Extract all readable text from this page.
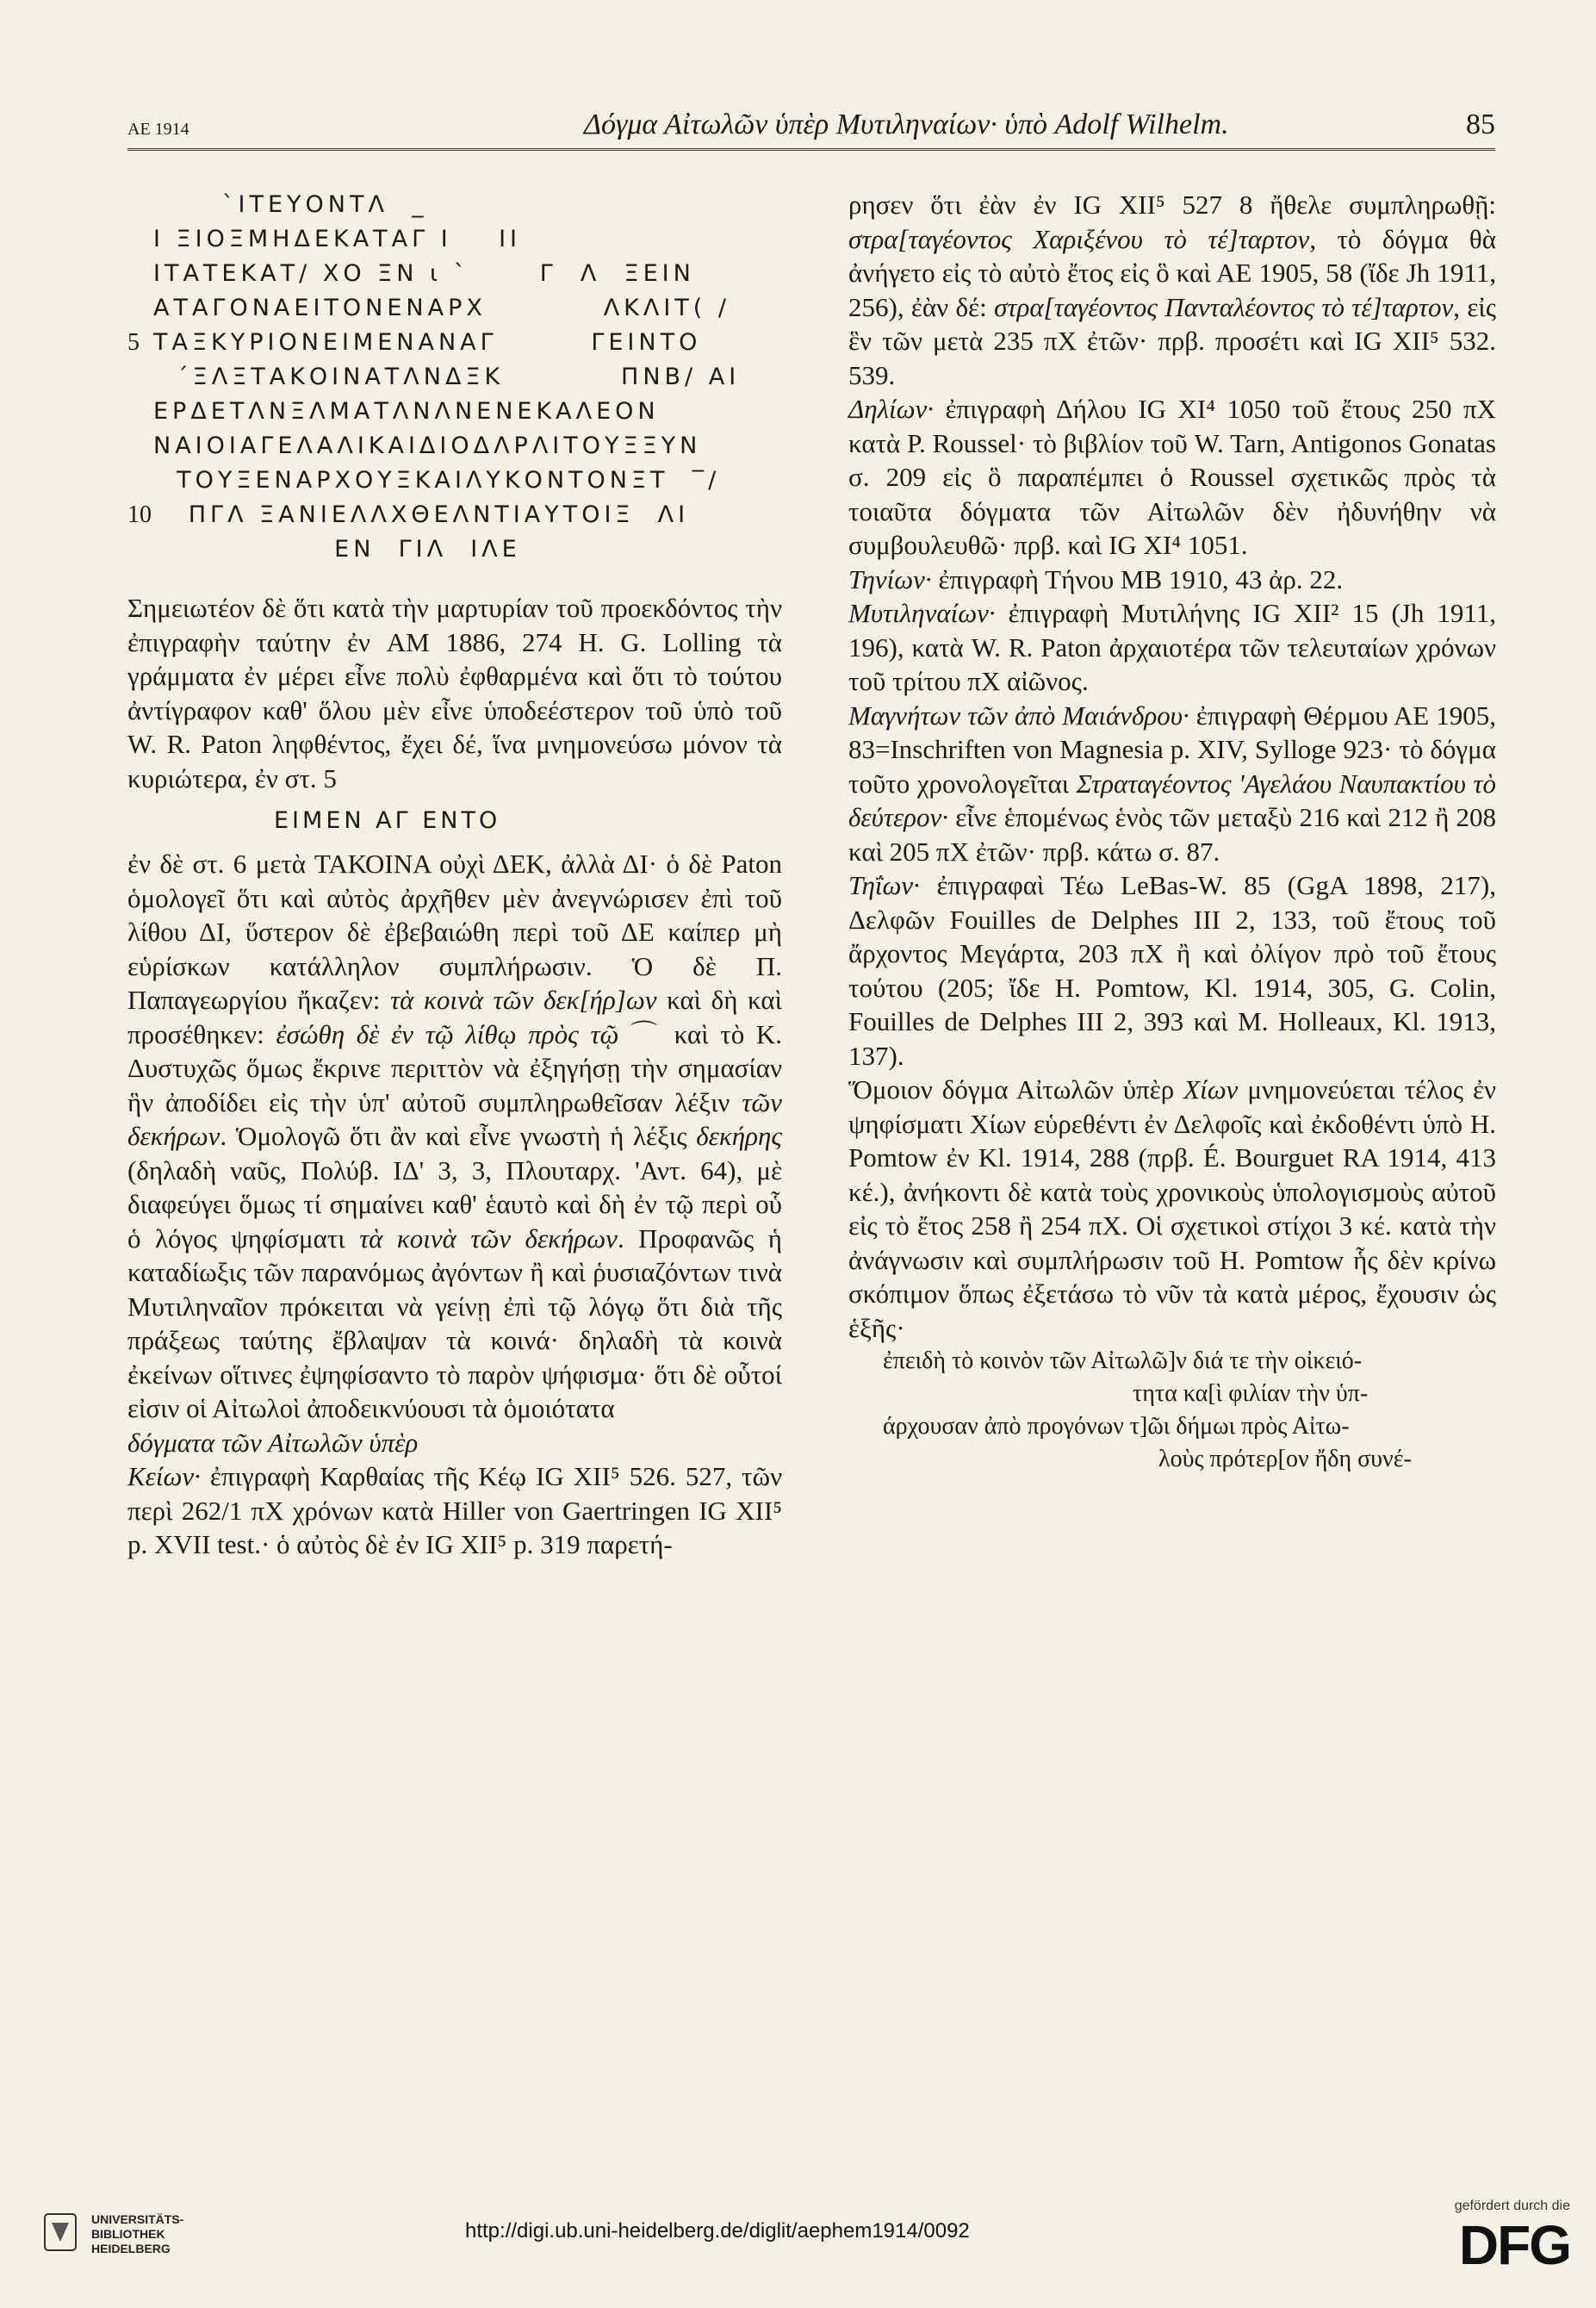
ΑΕ 1914	Δόγμα Αἰτωλῶν ὑπὲρ Μυτιληναίων· ὑπὸ Adolf Wilhelm.	85
ˋΙΤΕΥΟΝΤΛ  _
Ι ΞΙΟΞΜΗΔΕΚΑΤΑΓ Ι    ΙΙ
ΙΤΑΤΕΚΑΤ/ ΧΟ ΞΝ ι ˋ      Γ  Λ  ΞΕΙΝ
ΑΤΑΓΟΝΑΕΙΤΟΝΕΝΑΡΧ          ΛΚΛΙΤ( /
5 ΤΑΞΚΥΡΙΟΝΕΙΜΕΝΑΝΑΓ        ΓΕΙΝΤΟ
΄ΞΛΞΤΑΚΟΙΝΑΤΛΝΔΞΚ          ΠΝΒ/ ΑΙ
ΕΡΔΕΤΛΝΞΛΜΑΤΛΝΛΝΕΝΕΚΑΛΕΟΝ
ΝΑΙΟΙΑΓΕΛΑΛΙΚΑΙΔΙΟΔΛΡΛΙΤΟΥΞΞΥΝ
ΤΟΥΞΕΝΑΡΧΟΥΞΚΑΙΛΥΚΟΝΤΟΝΞΤ  ‾/
10 ΠΓΛ ΞΑΝΙΕΛΛΧΘΕΛΝΤΙΑΥΤΟΙΞ  ΛΙ
ΕΝ  ΓΙΛ  ΙΛΕ

Σημειωτέον δὲ ὅτι κατὰ τὴν μαρτυρίαν τοῦ προεκδόντος τὴν ἐπιγραφὴν ταύτην ἐν AM 1886, 274 H. G. Lolling τὰ γράμματα ἐν μέρει εἶνε πολὺ ἐφθαρμένα καὶ ὅτι τὸ τούτου ἀντίγραφον καθ' ὅλου μὲν εἶνε ὑποδεέστερον τοῦ ὑπὸ τοῦ W. R. Paton ληφθέντος, ἔχει δέ, ἵνα μνημονεύσω μόνον τὰ κυριώτερα, ἐν στ. 5

ΕΙΜΕΝ ΑΓ ΕΝΤΟ

ἐν δὲ στ. 6 μετὰ ΤΑΚΟΙΝΑ οὐχὶ ΔΕΚ, ἀλλὰ ΔΙ· ὁ δὲ Paton ὁμολογεῖ ὅτι καὶ αὐτὸς ἀρχῆθεν μὲν ἀνεγνώρισεν ἐπὶ τοῦ λίθου ΔΙ, ὕστερον δὲ ἐβεβαιώθη περὶ τοῦ ΔΕ καίπερ μὴ εὑρίσκων κατάλληλον συμπλήρωσιν. Ὁ δὲ Π. Παπαγεωργίου ἤκαζεν: τὰ κοινὰ τῶν δεκ[ήρ]ων καὶ δὴ καὶ προσέθηκεν: ἐσώθη δὲ ἐν τῷ λίθῳ πρὸς τῷ ⌒ καὶ τὸ Κ. Δυστυχῶς ὅμως ἔκρινε περιττὸν νὰ ἐξηγήσῃ τὴν σημασίαν ἣν ἀποδίδει εἰς τὴν ὑπ' αὐτοῦ συμπληρωθεῖσαν λέξιν τῶν δεκήρων. Ὁμολογῶ ὅτι ἂν καὶ εἶνε γνωστὴ ἡ λέξις δεκήρης (δηλαδὴ ναῦς, Πολύβ. ΙΔ' 3, 3, Πλουταρχ. 'Αντ. 64), μὲ διαφεύγει ὅμως τί σημαίνει καθ' ἑαυτὸ καὶ δὴ ἐν τῷ περὶ οὗ ὁ λόγος ψηφίσματι τὰ κοινὰ τῶν δεκήρων. Προφανῶς ἡ καταδίωξις τῶν παρανόμως ἀγόντων ἢ καὶ ῥυσιαζόντων τινὰ Μυτιληναῖον πρόκειται νὰ γείνῃ ἐπὶ τῷ λόγῳ ὅτι διὰ τῆς πράξεως ταύτης ἔβλαψαν τὰ κοινά· δηλαδὴ τὰ κοινὰ ἐκείνων οἵτινες ἐψηφίσαντο τὸ παρὸν ψήφισμα· ὅτι δὲ οὗτοί εἰσιν οἱ Αἰτωλοὶ ἀποδεικνύουσι τὰ ὁμοιότατα
δόγματα τῶν Αἰτωλῶν ὑπὲρ

Κείων· ἐπιγραφὴ Καρθαίας τῆς Κέῳ IG XII⁵ 526. 527, τῶν περὶ 262/1 πΧ χρόνων κατὰ Hiller von Gaertringen IG XII⁵ p. XVII test.· ὁ αὐτὸς δὲ ἐν IG XII⁵ p. 319 παρετή-

ρησεν ὅτι ἐὰν ἐν IG XII⁵ 527 8 ἤθελε συμπληρωθῇ: στρα[ταγέοντος Χαριξένου τὸ τέ]ταρτον, τὸ δόγμα θὰ ἀνήγετο εἰς τὸ αὐτὸ ἔτος εἰς ὃ καὶ ΑΕ 1905, 58 (ἴδε Jh 1911, 256), ἐὰν δέ: στρα[ταγέοντος Πανταλέοντος τὸ τέ]ταρτον, εἰς ἓν τῶν μετὰ 235 πΧ ἐτῶν· πρβ. προσέτι καὶ IG XII⁵ 532. 539.

Δηλίων· ἐπιγραφὴ Δήλου IG XI⁴ 1050 τοῦ ἔτους 250 πΧ κατὰ P. Roussel· τὸ βιβλίον τοῦ W. Tarn, Antigonos Gonatas σ. 209 εἰς ὃ παραπέμπει ὁ Roussel σχετικῶς πρὸς τὰ τοιαῦτα δόγματα τῶν Αἰτωλῶν δὲν ἠδυνήθην νὰ συμβουλευθῶ· πρβ. καὶ IG XI⁴ 1051.

Τηνίων· ἐπιγραφὴ Τήνου MB 1910, 43 ἀρ. 22.

Μυτιληναίων· ἐπιγραφὴ Μυτιλήνης IG XII² 15 (Jh 1911, 196), κατὰ W. R. Paton ἀρχαιοτέρα τῶν τελευταίων χρόνων τοῦ τρίτου πΧ αἰῶνος.

Μαγνήτων τῶν ἀπὸ Μαιάνδρου· ἐπιγραφὴ Θέρμου ΑΕ 1905, 83=Inschriften von Magnesia p. XIV, Sylloge 923· τὸ δόγμα τοῦτο χρονολογεῖται Στραταγέοντος 'Αγελάου Ναυπακτίου τὸ δεύτερον· εἶνε ἑπομένως ἑνὸς τῶν μεταξὺ 216 καὶ 212 ἢ 208 καὶ 205 πΧ ἐτῶν· πρβ. κάτω σ. 87.

Τηΐων· ἐπιγραφαὶ Τέω LeBas-W. 85 (GgA 1898, 217), Δελφῶν Fouilles de Delphes III 2, 133, τοῦ ἔτους τοῦ ἄρχοντος Μεγάρτα, 203 πΧ ἢ καὶ ὀλίγον πρὸ τοῦ ἔτους τούτου (205; ἴδε H. Pomtow, Kl. 1914, 305, G. Colin, Fouilles de Delphes III 2, 393 καὶ M. Holleaux, Kl. 1913, 137).

Ὅμοιον δόγμα Αἰτωλῶν ὑπὲρ Χίων μνημονεύεται τέλος ἐν ψηφίσματι Χίων εὑρεθέντι ἐν Δελφοῖς καὶ ἐκδοθέντι ὑπὸ H. Pomtow ἐν Kl. 1914, 288 (πρβ. É. Bourguet RA 1914, 413 κέ.), ἀνήκοντι δὲ κατὰ τοὺς χρονικοὺς ὑπολογισμοὺς αὐτοῦ εἰς τὸ ἔτος 258 ἢ 254 πΧ. Οἱ σχετικοὶ στίχοι 3 κέ. κατὰ τὴν ἀνάγνωσιν καὶ συμπλήρωσιν τοῦ H. Pomtow ἧς δὲν κρίνω σκόπιμον ὅπως ἐξετάσω τὸ νῦν τὰ κατὰ μέρος, ἔχουσιν ὡς ἑξῆς·

ἐπειδὴ τὸ κοινὸν τῶν Αἰτωλῶ]ν διά τε τὴν οἰκειό-
τητα κα[ὶ φιλίαν τὴν ὑπ-
άρχουσαν ἀπὸ προγόνων τ]ῶι δήμωι πρὸς Αἰτω-
λοὺς πρότερ[ον ἤδη συνέ-
UNIVERSITÄTS-
BIBLIOTHEK
HEIDELBERG
http://digi.ub.uni-heidelberg.de/diglit/aephem1914/0092
gefördert durch die
DFG
